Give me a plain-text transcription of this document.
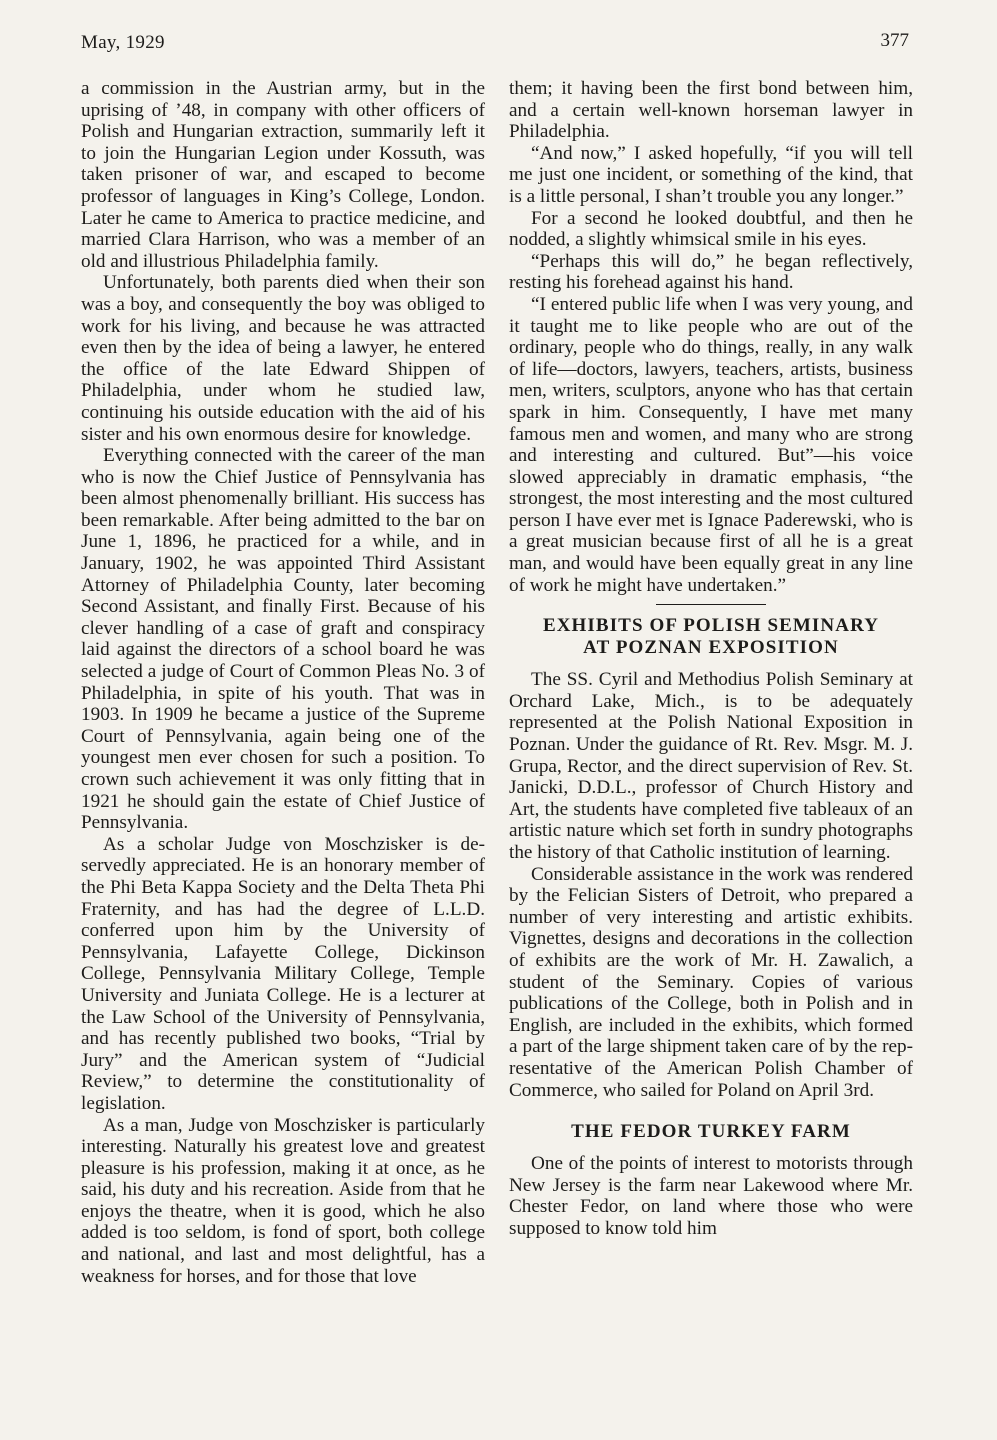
May, 1929	377

a commission in the Austrian army, but in the uprising of ’48, in company with other officers of Polish and Hungarian extraction, summarily left it to join the Hungarian Legion under Kossuth, was taken prisoner of war, and escaped to become professor of languages in King’s College, London. Later he came to America to practice medicine, and married Clara Harrison, who was a member of an old and illustrious Philadelphia family.

Unfortunately, both parents died when their son was a boy, and consequently the boy was obliged to work for his living, and because he was attracted even then by the idea of being a lawyer, he entered the office of the late Edward Shippen of Philadelphia, under whom he studied law, continuing his outside education with the aid of his sister and his own enormous desire for knowledge.

Everything connected with the career of the man who is now the Chief Justice of Pennsylvania has been almost phenomenally brilliant. His success has been remarkable. After being admitted to the bar on June 1, 1896, he practiced for a while, and in January, 1902, he was appointed Third Assistant Attorney of Philadelphia County, later becoming Second Assistant, and finally First. Because of his clever handling of a case of graft and conspiracy laid against the directors of a school board he was selected a judge of Court of Common Pleas No. 3 of Philadelphia, in spite of his youth. That was in 1903. In 1909 he became a justice of the Supreme Court of Pennsylvania, again being one of the youngest men ever chosen for such a position. To crown such achievement it was only fitting that in 1921 he should gain the estate of Chief Justice of Pennsylvania.

As a scholar Judge von Moschzisker is deservedly appreciated. He is an honorary member of the Phi Beta Kappa Society and the Delta Theta Phi Fraternity, and has had the degree of L.L.D. conferred upon him by the University of Pennsylvania, Lafayette College, Dickinson College, Pennsylvania Military College, Temple University and Juniata College. He is a lecturer at the Law School of the University of Pennsylvania, and has recently published two books, “Trial by Jury” and the American system of “Judicial Review,” to determine the constitutionality of legislation.

As a man, Judge von Moschzisker is particularly interesting. Naturally his greatest love and greatest pleasure is his profession, making it at once, as he said, his duty and his recreation. Aside from that he enjoys the theatre, when it is good, which he also added is too seldom, is fond of sport, both college and national, and last and most delightful, has a weakness for horses, and for those that love

them; it having been the first bond between him, and a certain well-known horseman lawyer in Philadelphia.

“And now,” I asked hopefully, “if you will tell me just one incident, or something of the kind, that is a little personal, I shan’t trouble you any longer.”

For a second he looked doubtful, and then he nodded, a slightly whimsical smile in his eyes.

“Perhaps this will do,” he began reflectively, resting his forehead against his hand.

“I entered public life when I was very young, and it taught me to like people who are out of the ordinary, people who do things, really, in any walk of life—doctors, lawyers, teachers, artists, business men, writers, sculptors, anyone who has that certain spark in him. Consequently, I have met many famous men and women, and many who are strong and interesting and cultured. But”—his voice slowed appreciably in dramatic emphasis, “the strongest, the most interesting and the most cultured person I have ever met is Ignace Paderewski, who is a great musician because first of all he is a great man, and would have been equally great in any line of work he might have undertaken.”

EXHIBITS OF POLISH SEMINARY
AT POZNAN EXPOSITION

The SS. Cyril and Methodius Polish Seminary at Orchard Lake, Mich., is to be adequately represented at the Polish National Exposition in Poznan. Under the guidance of Rt. Rev. Msgr. M. J. Grupa, Rector, and the direct supervision of Rev. St. Janicki, D.D.L., professor of Church History and Art, the students have completed five tableaux of an artistic nature which set forth in sundry photographs the history of that Catholic institution of learning.

Considerable assistance in the work was rendered by the Felician Sisters of Detroit, who prepared a number of very interesting and artistic exhibits. Vignettes, designs and decorations in the collection of exhibits are the work of Mr. H. Zawalich, a student of the Seminary. Copies of various publications of the College, both in Polish and in English, are included in the exhibits, which formed a part of the large shipment taken care of by the representative of the American Polish Chamber of Commerce, who sailed for Poland on April 3rd.

THE FEDOR TURKEY FARM

One of the points of interest to motorists through New Jersey is the farm near Lakewood where Mr. Chester Fedor, on land where those who were supposed to know told him
